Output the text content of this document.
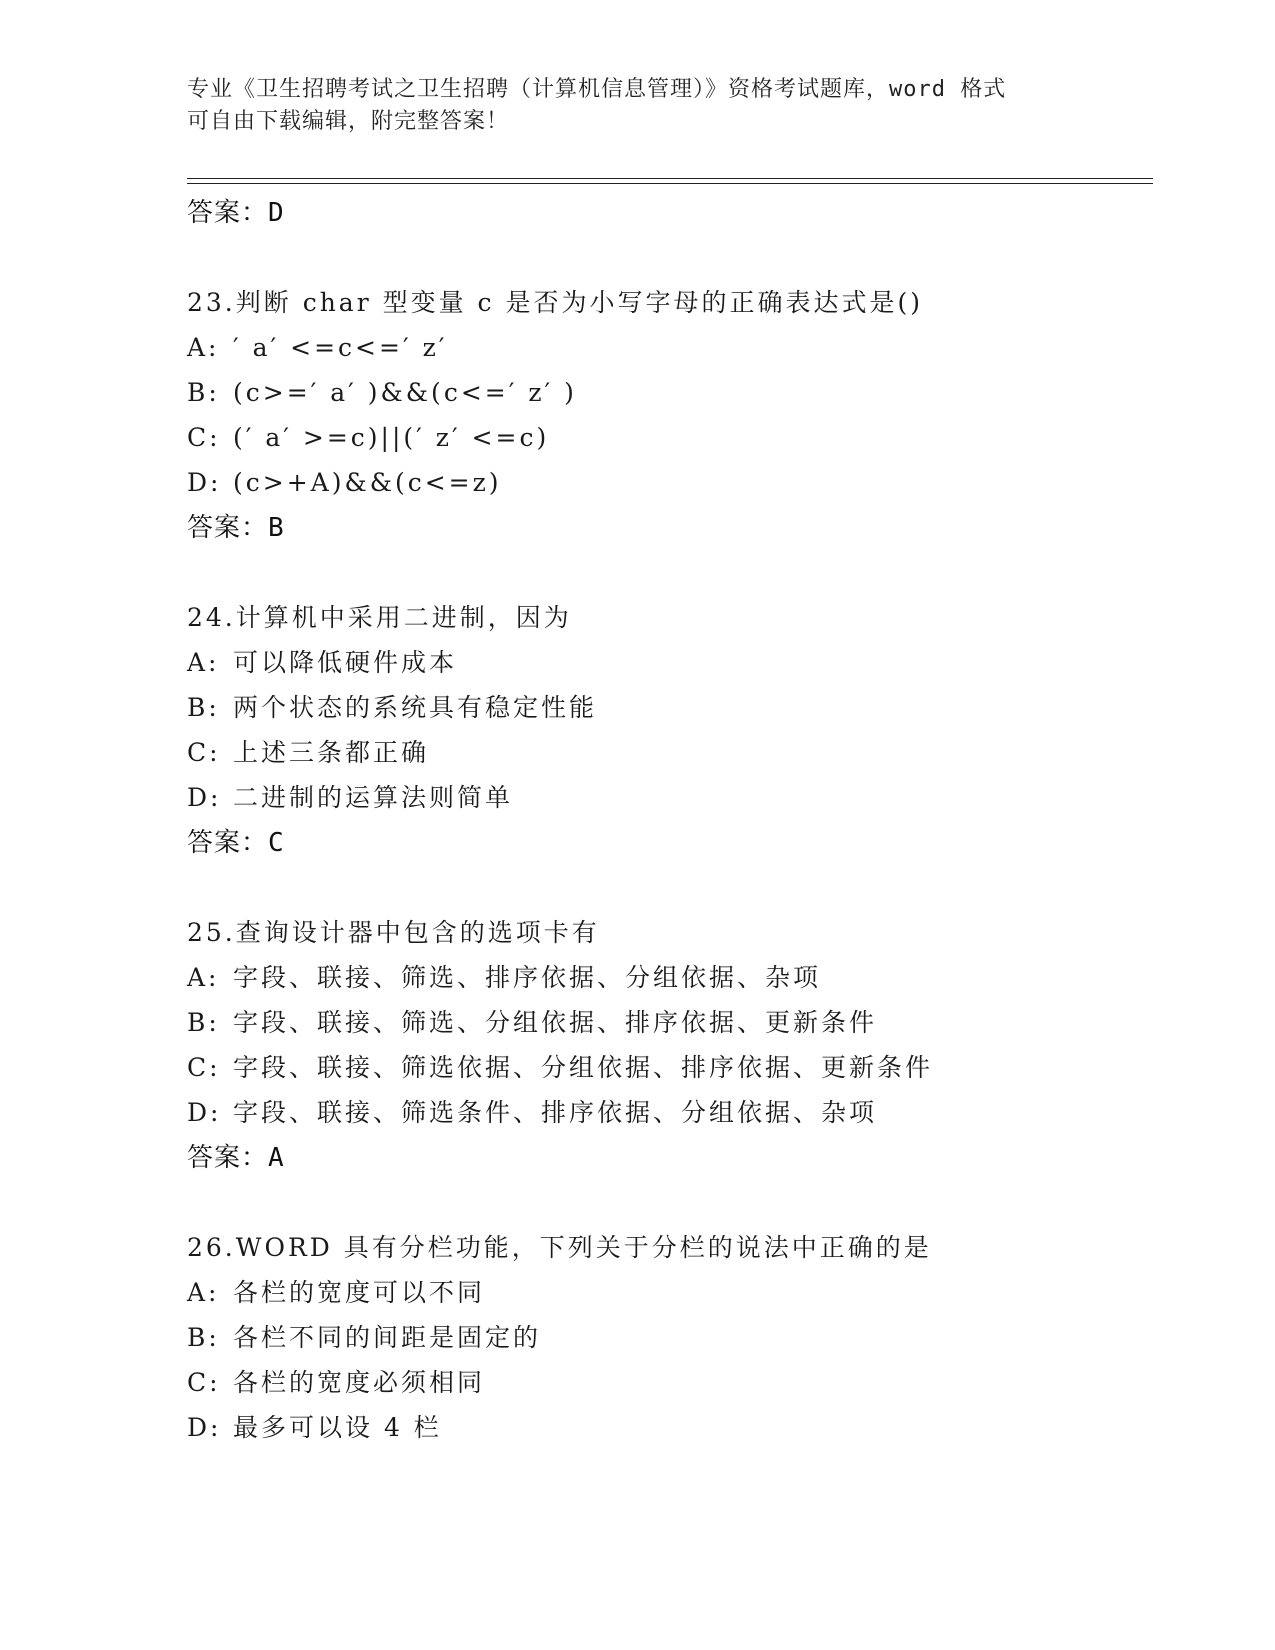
专业《卫生招聘考试之卫生招聘（计算机信息管理）》资格考试题库，word 格式

可自由下载编辑，附完整答案！

答案：D

23.判断 char 型变量 c 是否为小写字母的正确表达式是()

A: ′ a′ <=c<=′ z′

B: (c>=′ a′ )&&(c<=′ z′ )

C: (′ a′ >=c)||(′ z′ <=c)

D: (c>+A)&&(c<=z)

答案：B

24.计算机中采用二进制，因为

A: 可以降低硬件成本

B: 两个状态的系统具有稳定性能

C: 上述三条都正确

D: 二进制的运算法则简单

答案：C

25.查询设计器中包含的选项卡有

A: 字段、联接、筛选、排序依据、分组依据、杂项

B: 字段、联接、筛选、分组依据、排序依据、更新条件

C: 字段、联接、筛选依据、分组依据、排序依据、更新条件

D: 字段、联接、筛选条件、排序依据、分组依据、杂项

答案：A

26.WORD 具有分栏功能，下列关于分栏的说法中正确的是

A: 各栏的宽度可以不同

B: 各栏不同的间距是固定的

C: 各栏的宽度必须相同

D: 最多可以设 4 栏
